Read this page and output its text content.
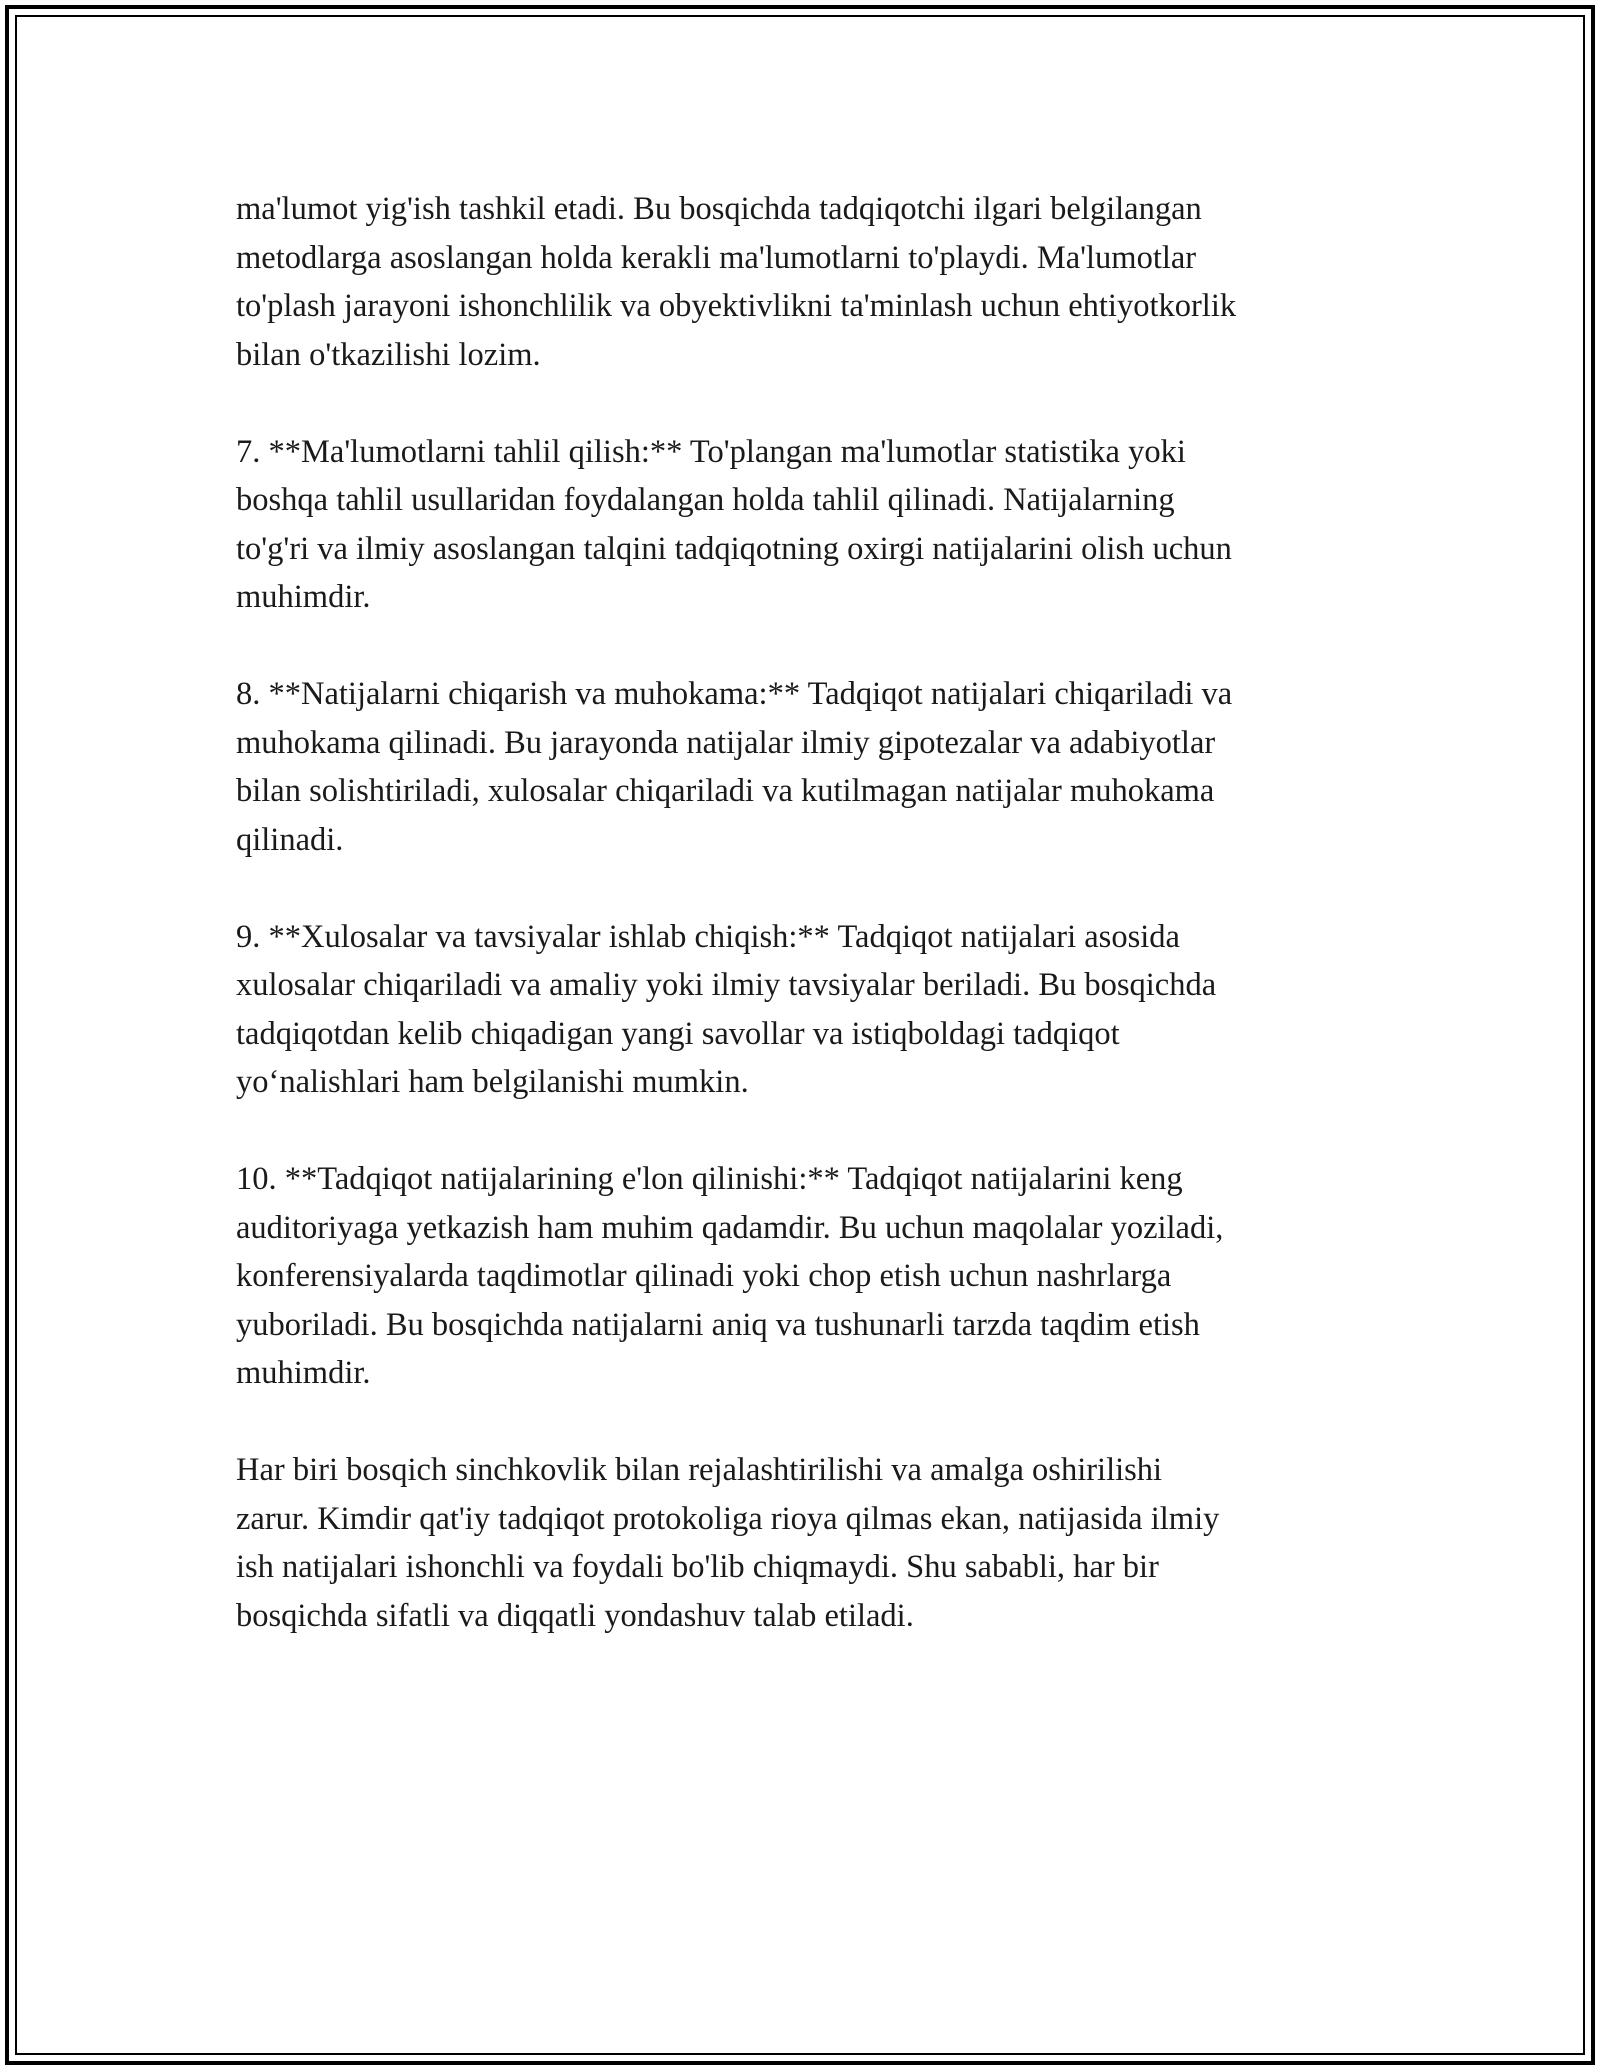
ma'lumot yig'ish tashkil etadi. Bu bosqichda tadqiqotchi ilgari belgilangan
metodlarga asoslangan holda kerakli ma'lumotlarni to'playdi. Ma'lumotlar
to'plash jarayoni ishonchlilik va obyektivlikni ta'minlash uchun ehtiyotkorlik
bilan o'tkazilishi lozim.

7. **Ma'lumotlarni tahlil qilish:** To'plangan ma'lumotlar statistika yoki
boshqa tahlil usullaridan foydalangan holda tahlil qilinadi. Natijalarning
to'g'ri va ilmiy asoslangan talqini tadqiqotning oxirgi natijalarini olish uchun
muhimdir.

8. **Natijalarni chiqarish va muhokama:** Tadqiqot natijalari chiqariladi va
muhokama qilinadi. Bu jarayonda natijalar ilmiy gipotezalar va adabiyotlar
bilan solishtiriladi, xulosalar chiqariladi va kutilmagan natijalar muhokama
qilinadi.

9. **Xulosalar va tavsiyalar ishlab chiqish:** Tadqiqot natijalari asosida
xulosalar chiqariladi va amaliy yoki ilmiy tavsiyalar beriladi. Bu bosqichda
tadqiqotdan kelib chiqadigan yangi savollar va istiqboldagi tadqiqot
yo‘nalishlari ham belgilanishi mumkin.

10. **Tadqiqot natijalarining e'lon qilinishi:** Tadqiqot natijalarini keng
auditoriyaga yetkazish ham muhim qadamdir. Bu uchun maqolalar yoziladi,
konferensiyalarda taqdimotlar qilinadi yoki chop etish uchun nashrlarga
yuboriladi. Bu bosqichda natijalarni aniq va tushunarli tarzda taqdim etish
muhimdir.

Har biri bosqich sinchkovlik bilan rejalashtirilishi va amalga oshirilishi
zarur. Kimdir qat'iy tadqiqot protokoliga rioya qilmas ekan, natijasida ilmiy
ish natijalari ishonchli va foydali bo'lib chiqmaydi. Shu sababli, har bir
bosqichda sifatli va diqqatli yondashuv talab etiladi.
